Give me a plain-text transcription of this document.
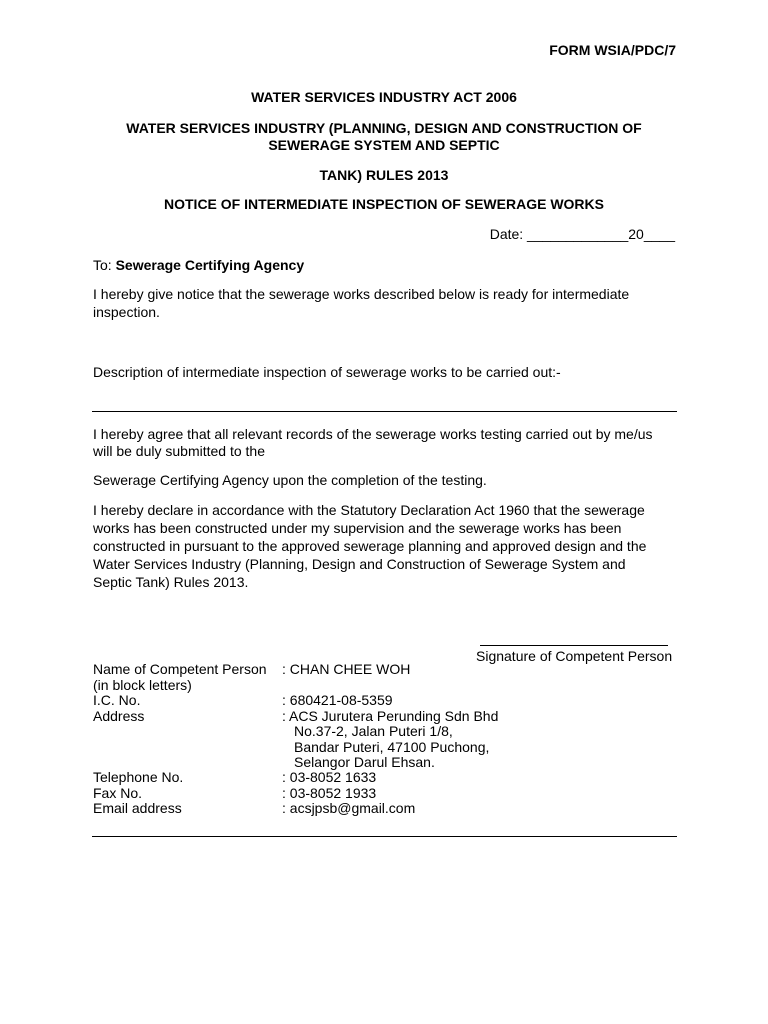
FORM WSIA/PDC/7
WATER SERVICES INDUSTRY ACT 2006
WATER SERVICES INDUSTRY (PLANNING, DESIGN AND CONSTRUCTION OF
SEWERAGE SYSTEM AND SEPTIC
TANK) RULES 2013
NOTICE OF INTERMEDIATE INSPECTION OF SEWERAGE WORKS
Date: _____________20____
To: Sewerage Certifying Agency
I hereby give notice that the sewerage works described below is ready for intermediate
inspection.
Description of intermediate inspection of sewerage works to be carried out:-
I hereby agree that all relevant records of the sewerage works testing carried out by me/us
will be duly submitted to the
Sewerage Certifying Agency upon the completion of the testing.
I hereby declare in accordance with the Statutory Declaration Act 1960 that the sewerage
works has been constructed under my supervision and the sewerage works has been
constructed in pursuant to the approved sewerage planning and approved design and the
Water Services Industry (Planning, Design and Construction of Sewerage System and
Septic Tank) Rules 2013.
Signature of Competent Person
Name of Competent Person : CHAN CHEE WOH
(in block letters)
I.C. No.	: 680421-08-5359
Address	: ACS Jurutera Perunding Sdn Bhd
No.37-2, Jalan Puteri 1/8,
Bandar Puteri, 47100 Puchong,
Selangor Darul Ehsan.
Telephone No.	: 03-8052 1633
Fax No.	: 03-8052 1933
Email address	: acsjpsb@gmail.com
